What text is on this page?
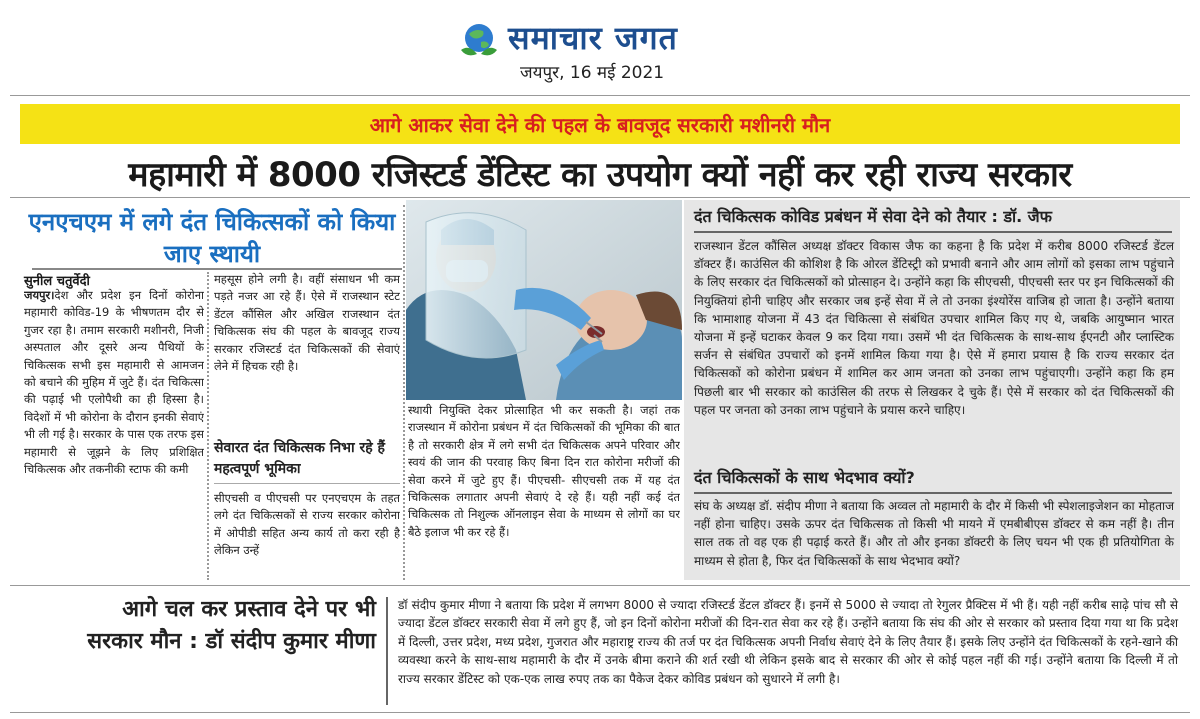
समाचार जगत
जयपुर, 16 मई 2021
आगे आकर सेवा देने की पहल के बावजूद सरकारी मशीनरी मौन
महामारी में 8000 रजिस्टर्ड डेंटिस्ट का उपयोग क्यों नहीं कर रही राज्य सरकार
एनएचएम में लगे दंत चिकित्सकों को किया जाए स्थायी
सुनील चतुर्वेदी
जयपुर।देश और प्रदेश इन दिनों कोरोना महामारी कोविड-19 के भीषणतम दौर से गुजर रहा है। तमाम सरकारी मशीनरी, निजी अस्पताल और दूसरे अन्य पैथियों के चिकित्सक सभी इस महामारी से आमजन को बचाने की मुहिम में जुटे हैं। दंत चिकित्सा की पढ़ाई भी एलोपैथी का ही हिस्सा है। विदेशों में भी कोरोना के दौरान इनकी सेवाएं भी ली गई है। सरकार के पास एक तरफ इस महामारी से जूझने के लिए प्रशिक्षित चिकित्सक और तकनीकी स्टाफ की कमी
महसूस होने लगी है। वहीं संसाधन भी कम पड़ते नजर आ रहे हैं। ऐसे में राजस्थान स्टेट डेंटल कौंसिल और अखिल राजस्थान दंत चिकित्सक संघ की पहल के बावजूद राज्य सरकार रजिस्टर्ड दंत चिकित्सकों की सेवाएं लेने में हिचक रही है।
सेवारत दंत चिकित्सक निभा रहे हैं महत्वपूर्ण भूमिका
सीएचसी व पीएचसी पर एनएचएम के तहत लगे दंत चिकित्सकों से राज्य सरकार कोरोना में ओपीडी सहित अन्य कार्य तो करा रही है लेकिन उन्हें
स्थायी नियुक्ति देकर प्रोत्साहित भी कर सकती है। जहां तक राजस्थान में कोरोना प्रबंधन में दंत चिकित्सकों की भूमिका की बात है तो सरकारी क्षेत्र में लगे सभी दंत चिकित्सक अपने परिवार और स्वयं की जान की परवाह किए बिना दिन रात कोरोना मरीजों की सेवा करने में जुटे हुए हैं। पीएचसी- सीएचसी तक में यह दंत चिकित्सक लगातार अपनी सेवाएं दे रहे हैं। यही नहीं कई दंत चिकित्सक तो निशुल्क ऑनलाइन सेवा के माध्यम से लोगों का घर बैठे इलाज भी कर रहे हैं।
दंत चिकित्सक कोविड प्रबंधन में सेवा देने को तैयार : डॉ. जैफ
राजस्थान डेंटल कौंसिल अध्यक्ष डॉक्टर विकास जैफ का कहना है कि प्रदेश में करीब 8000 रजिस्टर्ड डेंटल डॉक्टर हैं। काउंसिल की कोशिश है कि ओरल डेंटिस्ट्री को प्रभावी बनाने और आम लोगों को इसका लाभ पहुंचाने के लिए सरकार दंत चिकित्सकों को प्रोत्साहन दे। उन्होंने कहा कि सीएचसी, पीएचसी स्तर पर इन चिकित्सकों की नियुक्तियां होनी चाहिए और सरकार जब इन्हें सेवा में ले तो उनका इंश्योरेंस वाजिब हो जाता है। उन्होंने बताया कि भामाशाह योजना में 43 दंत चिकित्सा से संबंधित उपचार शामिल किए गए थे, जबकि आयुष्मान भारत योजना में इन्हें घटाकर केवल 9 कर दिया गया। उसमें भी दंत चिकित्सक के साथ-साथ ईएनटी और प्लास्टिक सर्जन से संबंधित उपचारों को इनमें शामिल किया गया है। ऐसे में हमारा प्रयास है कि राज्य सरकार दंत चिकित्सकों को कोरोना प्रबंधन में शामिल कर आम जनता को उनका लाभ पहुंचाएगी। उन्होंने कहा कि हम पिछली बार भी सरकार को काउंसिल की तरफ से लिखकर दे चुके हैं। ऐसे में सरकार को दंत चिकित्सकों की पहल पर जनता को उनका लाभ पहुंचाने के प्रयास करने चाहिए।
दंत चिकित्सकों के साथ भेदभाव क्यों?
संघ के अध्यक्ष डॉ. संदीप मीणा ने बताया कि अव्वल तो महामारी के दौर में किसी भी स्पेशलाइजेशन का मोहताज नहीं होना चाहिए। उसके ऊपर दंत चिकित्सक तो किसी भी मायने में एमबीबीएस डॉक्टर से कम नहीं है। तीन साल तक तो वह एक ही पढ़ाई करते हैं। और तो और इनका डॉक्टरी के लिए चयन भी एक ही प्रतियोगिता के माध्यम से होता है, फिर दंत चिकित्सकों के साथ भेदभाव क्यों?
आगे चल कर प्रस्ताव देने पर भी सरकार मौन : डॉ संदीप कुमार मीणा
डॉ संदीप कुमार मीणा ने बताया कि प्रदेश में लगभग 8000 से ज्यादा रजिस्टर्ड डेंटल डॉक्टर हैं। इनमें से 5000 से ज्यादा तो रेगुलर प्रैक्टिस में भी हैं। यही नहीं करीब साढ़े पांच सौ से ज्यादा डेंटल डॉक्टर सरकारी सेवा में लगे हुए हैं, जो इन दिनों कोरोना मरीजों की दिन-रात सेवा कर रहे हैं। उन्होंने बताया कि संघ की ओर से सरकार को प्रस्ताव दिया गया था कि प्रदेश में दिल्ली, उत्तर प्रदेश, मध्य प्रदेश, गुजरात और महाराष्ट्र राज्य की तर्ज पर दंत चिकित्सक अपनी निर्वाध सेवाएं देने के लिए तैयार हैं। इसके लिए उन्होंने दंत चिकित्सकों के रहने-खाने की व्यवस्था करने के साथ-साथ महामारी के दौर में उनके बीमा कराने की शर्त रखी थी लेकिन इसके बाद से सरकार की ओर से कोई पहल नहीं की गई। उन्होंने बताया कि दिल्ली में तो राज्य सरकार डेंटिस्ट को एक-एक लाख रुपए तक का पैकेज देकर कोविड प्रबंधन को सुधारने में लगी है।
